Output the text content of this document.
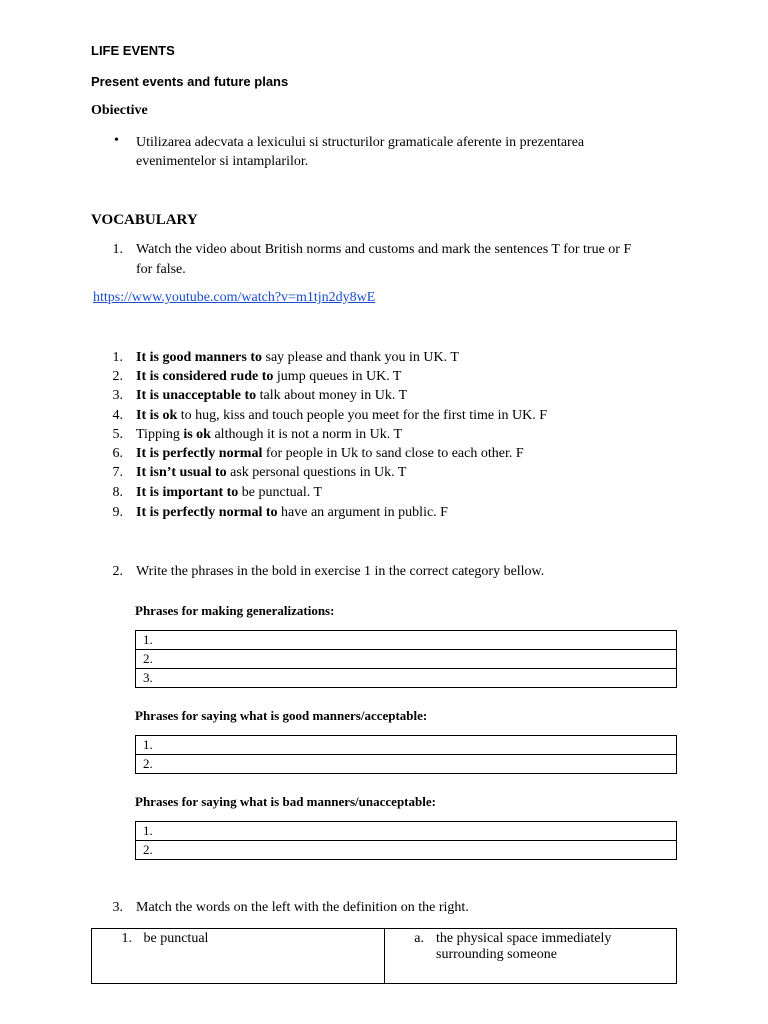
LIFE EVENTS
Present events and future plans
Obiective
• Utilizarea adecvata a lexicului si structurilor gramaticale aferente in prezentarea
evenimentelor si intamplarilor.
VOCABULARY
1. Watch the video about British norms and customs and mark the sentences T for true or F
for false.
https://www.youtube.com/watch?v=m1tjn2dy8wE
1. It is good manners to say please and thank you in UK. T
2. It is considered rude to jump queues in UK. T
3. It is unacceptable to talk about money in Uk. T
4. It is ok to hug, kiss and touch people you meet for the first time in UK. F
5. Tipping is ok although it is not a norm in Uk. T
6. It is perfectly normal for people in Uk to sand close to each other. F
7. It isn’t usual to ask personal questions in Uk. T
8. It is important to be punctual. T
9. It is perfectly normal to have an argument in public. F
2. Write the phrases in the bold in exercise 1 in the correct category bellow.
Phrases for making generalizations:
1.
2.
3.
Phrases for saying what is good manners/acceptable:
1.
2.
Phrases for saying what is bad manners/unacceptable:
1.
2.
3. Match the words on the left with the definition on the right.
1. be punctual	a. the physical space immediately
surrounding someone
